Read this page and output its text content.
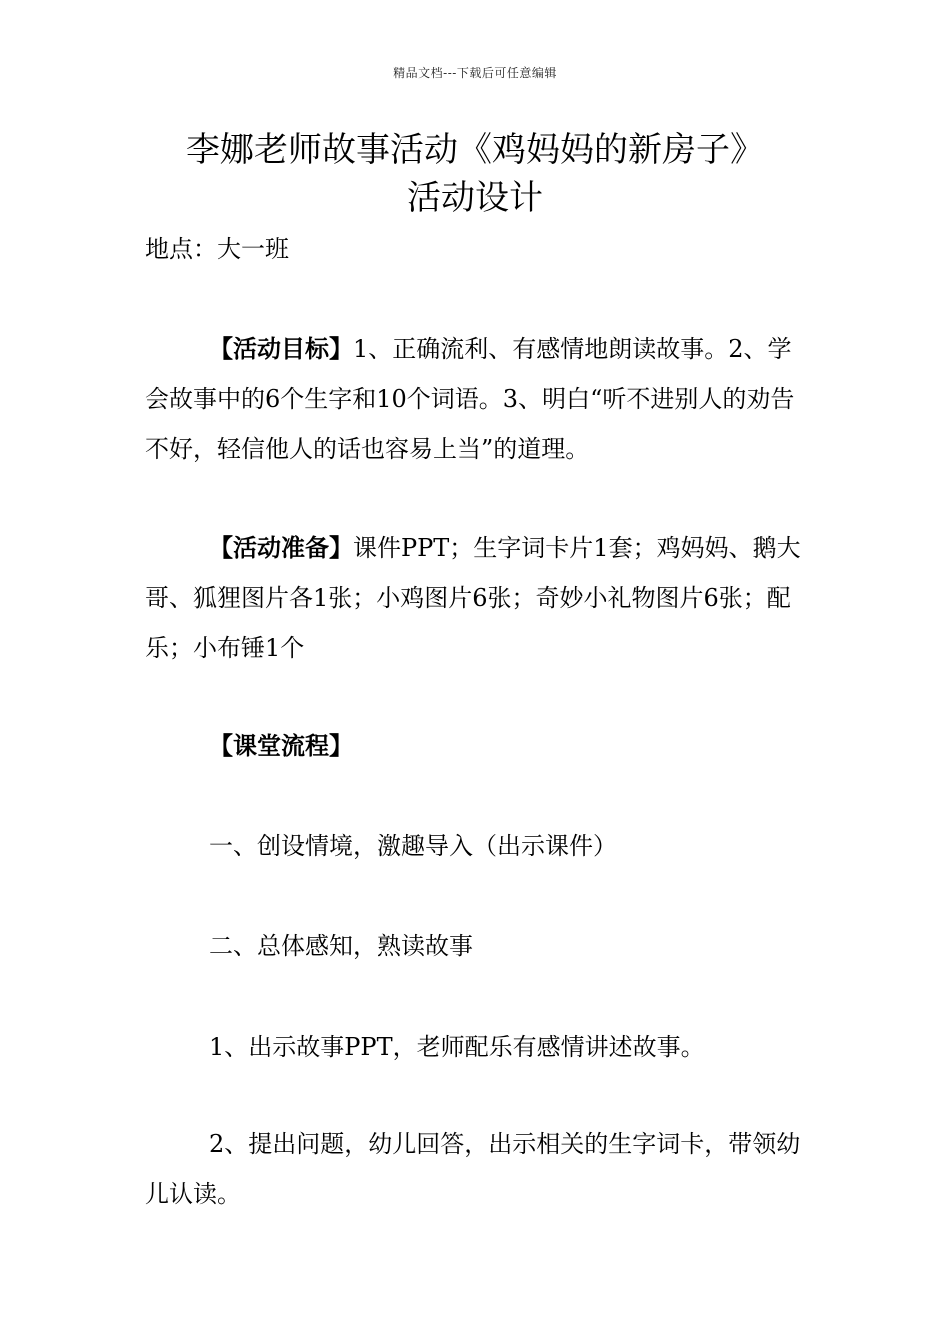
精品文档---下载后可任意编辑
李娜老师故事活动《鸡妈妈的新房子》
活动设计

地点：大一班

【活动目标】1、正确流利、有感情地朗读故事。2、学会故事中的6个生字和10个词语。3、明白“听不进别人的劝告不好，轻信他人的话也容易上当”的道理。

【活动准备】课件PPT；生字词卡片1套；鸡妈妈、鹅大哥、狐狸图片各1张；小鸡图片6张；奇妙小礼物图片6张；配乐；小布锤1个

【课堂流程】

一、创设情境，激趣导入（出示课件）

二、总体感知，熟读故事

1、出示故事PPT，老师配乐有感情讲述故事。

2、提出问题，幼儿回答，出示相关的生字词卡，带领幼儿认读。
